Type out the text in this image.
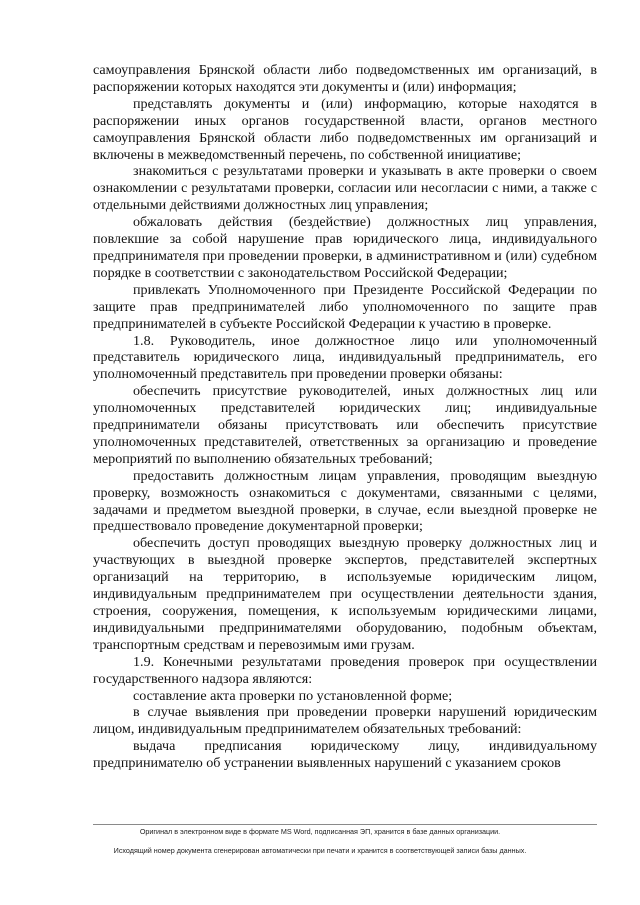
самоуправления Брянской области либо подведомственных им организаций, в распоряжении которых находятся эти документы и (или) информация;

представлять документы и (или) информацию, которые находятся в распоряжении иных органов государственной власти, органов местного самоуправления Брянской области либо подведомственных им организаций и включены в межведомственный перечень, по собственной инициативе;

знакомиться с результатами проверки и указывать в акте проверки о своем ознакомлении с результатами проверки, согласии или несогласии с ними, а также с отдельными действиями должностных лиц управления;

обжаловать действия (бездействие) должностных лиц управления, повлекшие за собой нарушение прав юридического лица, индивидуального предпринимателя при проведении проверки, в административном и (или) судебном порядке в соответствии с законодательством Российской Федерации;

привлекать Уполномоченного при Президенте Российской Федерации по защите прав предпринимателей либо уполномоченного по защите прав предпринимателей в субъекте Российской Федерации к участию в проверке.

1.8. Руководитель, иное должностное лицо или уполномоченный представитель юридического лица, индивидуальный предприниматель, его уполномоченный представитель при проведении проверки обязаны:

обеспечить присутствие руководителей, иных должностных лиц или уполномоченных представителей юридических лиц; индивидуальные предприниматели обязаны присутствовать или обеспечить присутствие уполномоченных представителей, ответственных за организацию и проведение мероприятий по выполнению обязательных требований;

предоставить должностным лицам управления, проводящим выездную проверку, возможность ознакомиться с документами, связанными с целями, задачами и предметом выездной проверки, в случае, если выездной проверке не предшествовало проведение документарной проверки;

обеспечить доступ проводящих выездную проверку должностных лиц и участвующих в выездной проверке экспертов, представителей экспертных организаций на территорию, в используемые юридическим лицом, индивидуальным предпринимателем при осуществлении деятельности здания, строения, сооружения, помещения, к используемым юридическими лицами, индивидуальными предпринимателями оборудованию, подобным объектам, транспортным средствам и перевозимым ими грузам.

1.9. Конечными результатами проведения проверок при осуществлении государственного надзора являются:

составление акта проверки по установленной форме;

в случае выявления при проведении проверки нарушений юридическим лицом, индивидуальным предпринимателем обязательных требований:

выдача предписания юридическому лицу, индивидуальному предпринимателю об устранении выявленных нарушений с указанием сроков

Оригинал в электронном виде в формате MS Word, подписанная ЭП, хранится в базе данных организации.
Исходящий номер документа сгенерирован автоматически при печати и хранится в соответствующей записи базы данных.
